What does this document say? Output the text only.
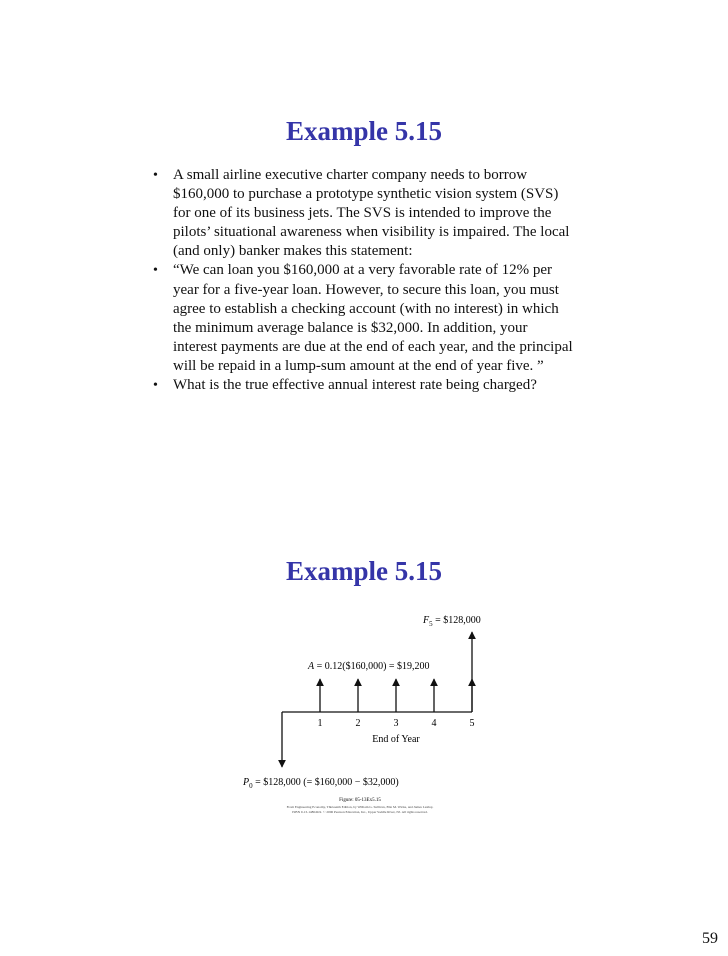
Example 5.15
• A small airline executive charter company needs to borrow $160,000 to purchase a prototype synthetic vision system (SVS) for one of its business jets. The SVS is intended to improve the pilots’ situational awareness when visibility is impaired. The local (and only) banker makes this statement:
• “We can loan you $160,000 at a very favorable rate of 12% per year for a five-year loan. However, to secure this loan, you must agree to establish a checking account (with no interest) in which the minimum average balance is $32,000. In addition, your interest payments are due at the end of each year, and the principal will be repaid in a lump-sum amount at the end of year five. ”
• What is the true effective annual interest rate being charged?
Example 5.15
$F_5$ = $128,000
A = 0.12($160,000) = $19,200
1	2	3	4	5
End of Year
$P_0$ = $128,000 (= $160,000 − $32,000)
Figure: 05-13Ex5.15
From Engineering Economy, Thirteenth Edition, by William G. Sullivan, Elin M. Wicks, and James Luxhoj.
ISBN 0-13-148649-9. © 2006 Pearson Education, Inc., Upper Saddle River, NJ. All rights reserved.
59
